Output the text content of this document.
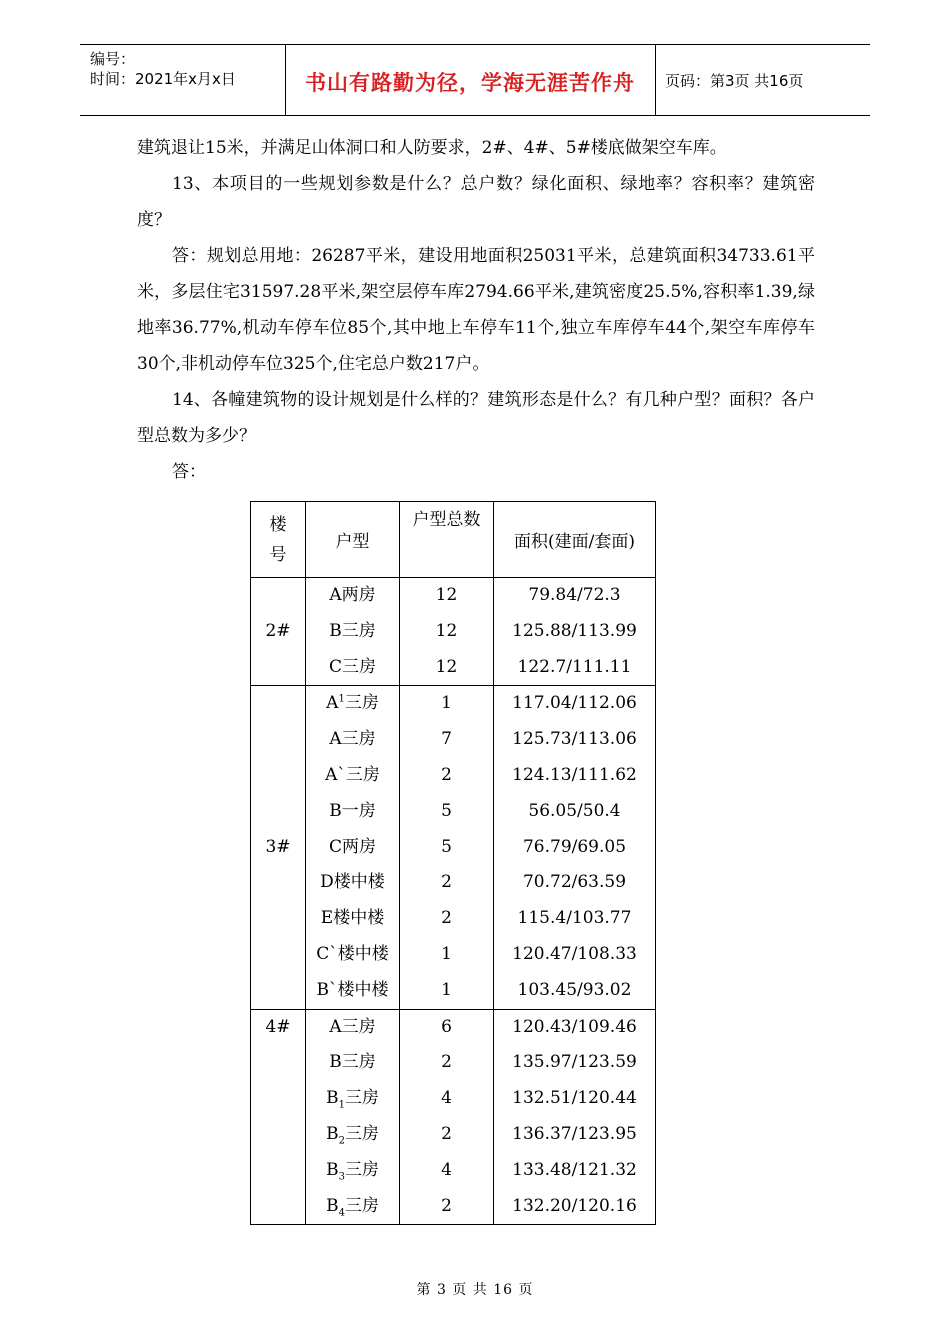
编号：
时间：2021年x月x日	书山有路勤为径，学海无涯苦作舟	页码：第3页 共16页

建筑退让15米，并满足山体洞口和人防要求，2#、4#、5#楼底做架空车库。

13、本项目的一些规划参数是什么？总户数？绿化面积、绿地率？容积率？建筑密度？

答：规划总用地：26287平米，建设用地面积25031平米，总建筑面积34733.61平米，多层住宅31597.28平米,架空层停车库2794.66平米,建筑密度25.5%,容积率1.39,绿地率36.77%,机动车停车位85个,其中地上车停车11个,独立车库停车44个,架空车库停车30个,非机动停车位325个,住宅总户数217户。

14、各幢建筑物的设计规划是什么样的？建筑形态是什么？有几种户型？面积？各户型总数为多少？

答：

楼号	户型	户型总数	面积(建面/套面)
2#	A两房	12	79.84/72.3
	B三房	12	125.88/113.99
	C三房	12	122.7/111.11
3#	$A^1$三房	1	117.04/112.06
	A三房	7	125.73/113.06
	A`三房	2	124.13/111.62
	B一房	5	56.05/50.4
	C两房	5	76.79/69.05
	D楼中楼	2	70.72/63.59
	E楼中楼	2	115.4/103.77
	C`楼中楼	1	120.47/108.33
	B`楼中楼	1	103.45/93.02
4#	A三房	6	120.43/109.46
	B三房	2	135.97/123.59
	$B_1$三房	4	132.51/120.44
	$B_2$三房	2	136.37/123.95
	$B_3$三房	4	133.48/121.32
	$B_4$三房	2	132.20/120.16
第 3 页 共 16 页
